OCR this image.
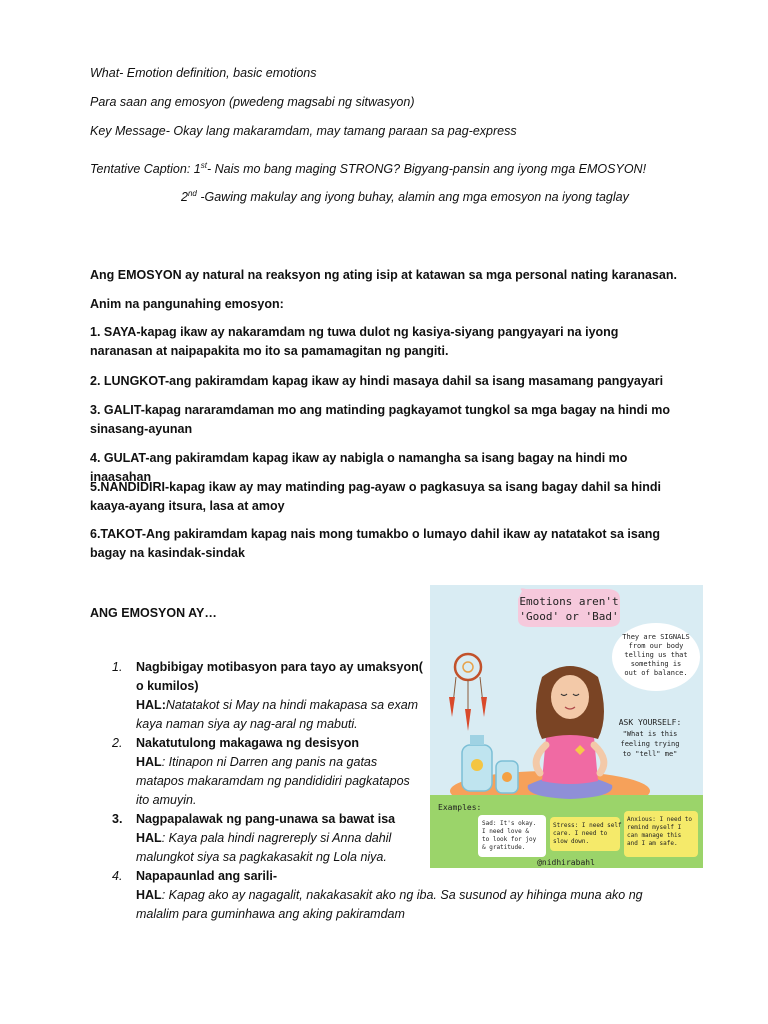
What- Emotion definition, basic emotions
Para saan ang emosyon (pwedeng magsabi ng sitwasyon)
Key Message- Okay lang makaramdam, may tamang paraan sa pag-express
Tentative Caption: 1st- Nais mo bang maging STRONG? Bigyang-pansin ang iyong mga EMOSYON!
2nd -Gawing makulay ang iyong buhay, alamin ang mga emosyon na iyong taglay
Ang EMOSYON ay natural na reaksyon ng ating isip at katawan sa mga personal nating karanasan.
Anim na pangunahing emosyon:
1. SAYA-kapag ikaw ay nakaramdam ng tuwa dulot ng kasiya-siyang pangyayari na iyong naranasan at naipapakita mo ito sa pamamagitan ng pangiti.
2. LUNGKOT-ang pakiramdam kapag ikaw ay hindi masaya dahil sa isang masamang pangyayari
3. GALIT-kapag nararamdaman mo ang matinding pagkayamot tungkol sa mga bagay na hindi mo sinasang-ayunan
4. GULAT-ang pakiramdam kapag ikaw ay nabigla o namangha sa isang bagay na hindi mo inaasahan
5.NANDIDIRI-kapag ikaw ay may matinding pag-ayaw o pagkasuya sa isang bagay dahil sa hindi kaaya-ayang itsura, lasa at amoy
6.TAKOT-Ang pakiramdam kapag nais mong tumakbo o lumayo dahil ikaw ay natatakot sa isang bagay na kasindak-sindak
ANG EMOSYON AY…
1. Nagbibigay motibasyon para tayo ay umaksyon( o kumilos)
HAL:Natatakot si May na hindi makapasa sa exam kaya naman siya ay nag-aral ng mabuti.
2. Nakatutulong makagawa ng desisyon
HAL: Itinapon ni Darren ang panis na gatas matapos makaramdam ng pandididiri pagkatapos ito amuyin.
3. Nagpapalawak ng pang-unawa sa bawat isa
HAL: Kaya pala hindi nagrereply si Anna dahil malungkot siya sa pagkakasakit ng Lola niya.
4. Napapaunlad ang sarili-
HAL: Kapag ako ay nagagalit, nakakasakit ako ng iba. Sa susunod ay hihinga muna ako ng malalim para guminhawa ang aking pakiramdam
Emotions aren't
'Good' or 'Bad'
They are SIGNALS
from our body
telling us that
something is
out of balance.
ASK YOURSELF:
"What is this
feeling trying
to "tell" me"
Examples:
Sad: It's okay.
I need love &
to look for joy
& gratitude.
Stress: I need self
care. I need to
slow down.
Anxious: I need to
remind myself I
can manage this
and I am safe.
@nidhirabahl
